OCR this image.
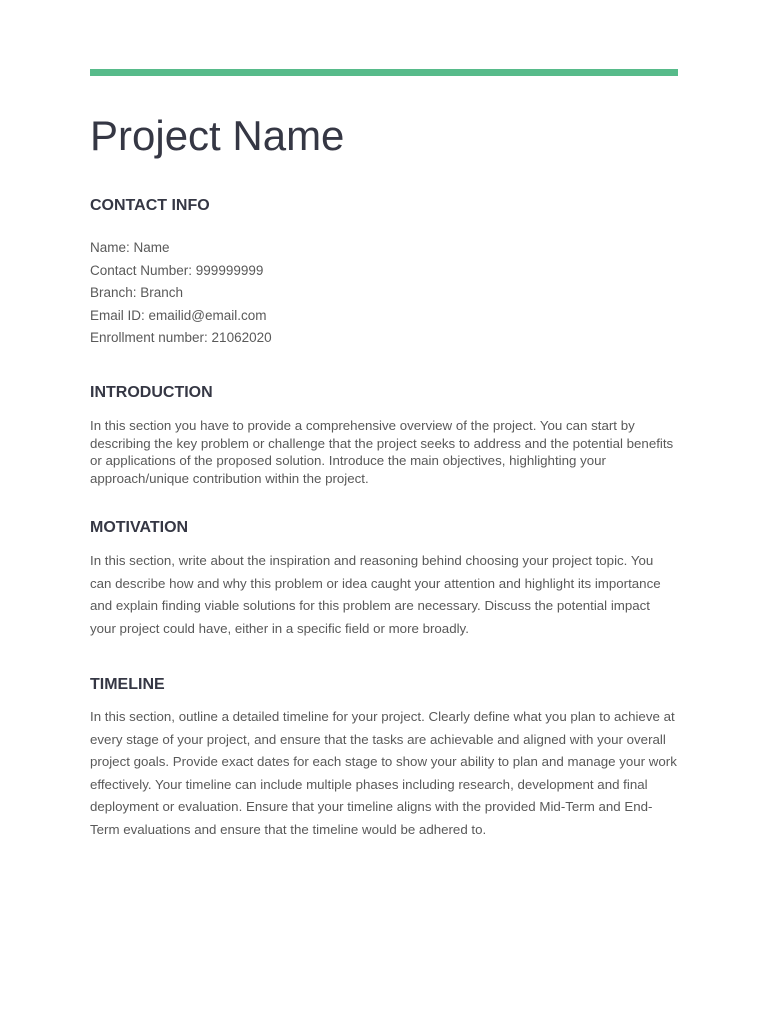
Project Name
CONTACT INFO
Name: Name
Contact Number: 999999999
Branch: Branch
Email ID: emailid@email.com
Enrollment number: 21062020
INTRODUCTION

In this section you have to provide a comprehensive overview of the project. You can start by describing the key problem or challenge that the project seeks to address and the potential benefits or applications of the proposed solution. Introduce the main objectives, highlighting your approach/unique contribution within the project.

MOTIVATION

In this section, write about the inspiration and reasoning behind choosing your project topic. You can describe how and why this problem or idea caught your attention and highlight its importance and explain finding viable solutions for this problem are necessary. Discuss the potential impact your project could have, either in a specific field or more broadly.

TIMELINE

In this section, outline a detailed timeline for your project. Clearly define what you plan to achieve at every stage of your project, and ensure that the tasks are achievable and aligned with your overall project goals. Provide exact dates for each stage to show your ability to plan and manage your work effectively. Your timeline can include multiple phases including research, development and final deployment or evaluation. Ensure that your timeline aligns with the provided Mid-Term and End-Term evaluations and ensure that the timeline would be adhered to.
